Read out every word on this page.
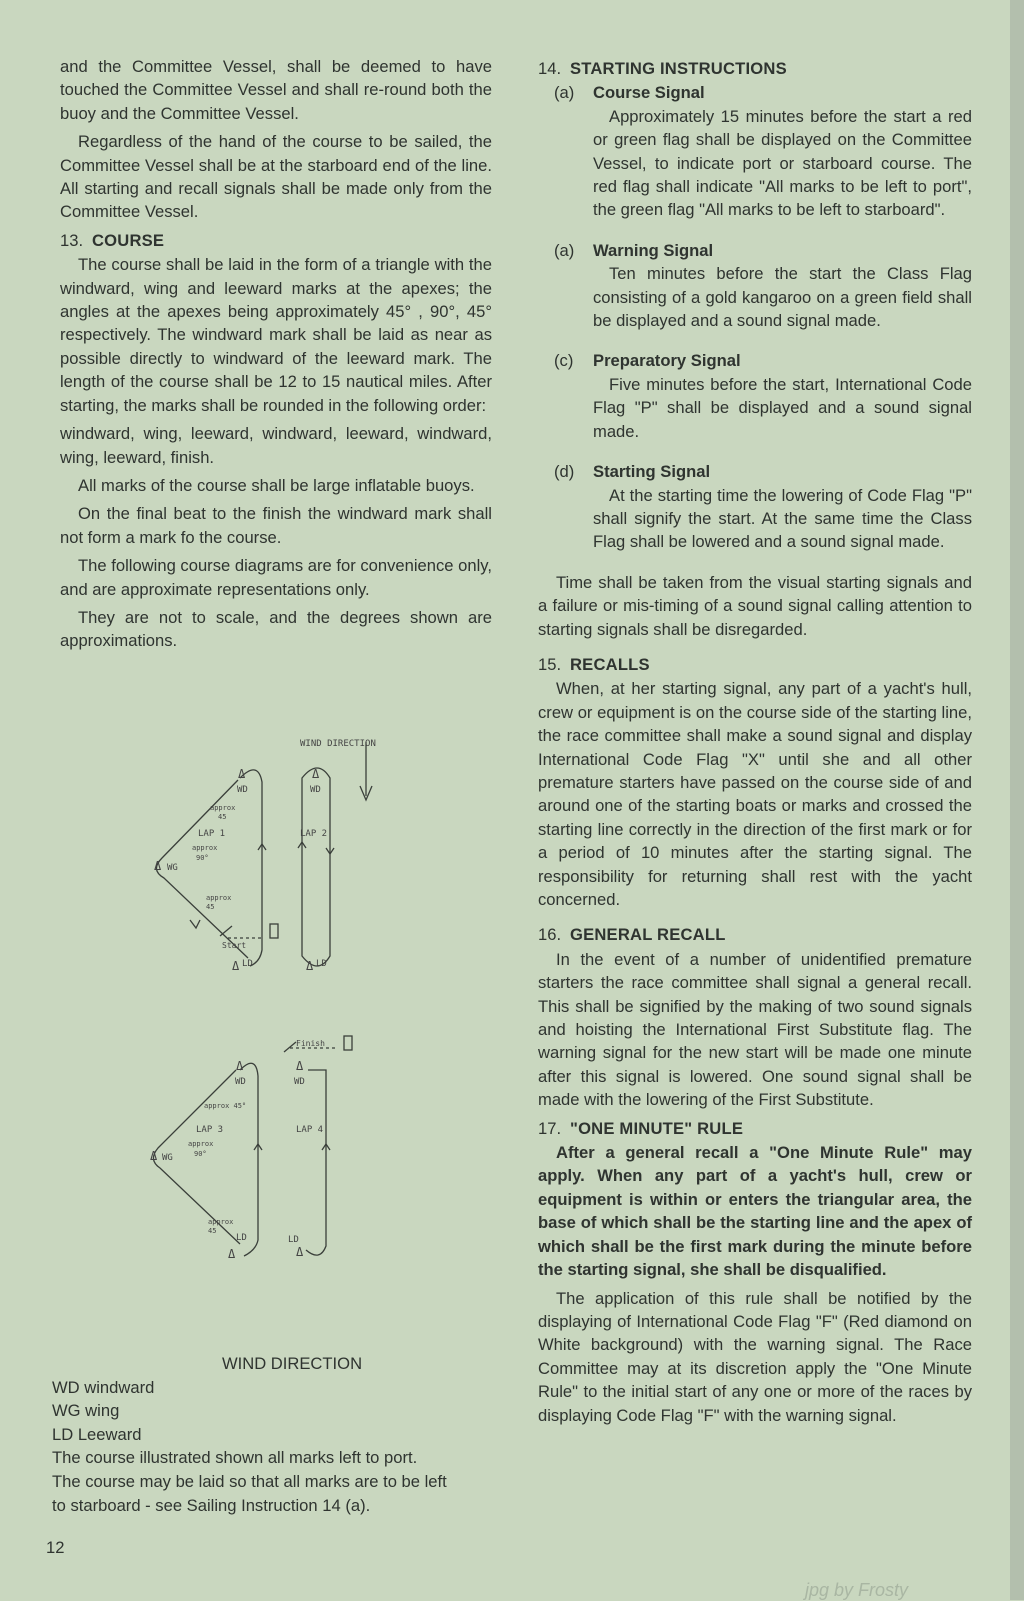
and the Committee Vessel, shall be deemed to have touched the Committee Vessel and shall re-round both the buoy and the Committee Vessel.

Regardless of the hand of the course to be sailed, the Committee Vessel shall be at the starboard end of the line. All starting and recall signals shall be made only from the Committee Vessel.

13. COURSE

The course shall be laid in the form of a triangle with the windward, wing and leeward marks at the apexes; the angles at the apexes being approximately 45° , 90°, 45° respectively. The windward mark shall be laid as near as possible directly to windward of the leeward mark. The length of the course shall be 12 to 15 nautical miles. After starting, the marks shall be rounded in the following order:

windward, wing, leeward, windward, leeward, windward, wing, leeward, finish.

All marks of the course shall be large inflatable buoys.

On the final beat to the finish the windward mark shall not form a mark fo the course.

The following course diagrams are for convenience only, and are approximate representations only.

They are not to scale, and the degrees shown are approximations.

WIND DIRECTION
Δ
WD
Δ
WD
approx
45
LAP 1	LAP 2
approx
90°
Δ WG
approx
45
Start
Δ LD	Δ LD
Finish
Δ
WD
Δ
WD
approx 45°
LAP 3	LAP 4
approx
90°
Δ WG
approx
45
Δ
LD	LD
Δ
WIND DIRECTION
WD windward
WG wing
LD Leeward
The course illustrated shown all marks left to port.
The course may be laid so that all marks are to be left
to starboard - see Sailing Instruction 14 (a).
12
14. STARTING INSTRUCTIONS
(a) Course Signal
Approximately 15 minutes before the start a red or green flag shall be displayed on the Committee Vessel, to indicate port or starboard course. The red flag shall indicate "All marks to be left to port", the green flag "All marks to be left to starboard".
(a) Warning Signal
Ten minutes before the start the Class Flag consisting of a gold kangaroo on a green field shall be displayed and a sound signal made.
(c) Preparatory Signal
Five minutes before the start, International Code Flag "P" shall be displayed and a sound signal made.
(d) Starting Signal
At the starting time the lowering of Code Flag "P" shall signify the start. At the same time the Class Flag shall be lowered and a sound signal made.

Time shall be taken from the visual starting signals and a failure or mis-timing of a sound signal calling attention to starting signals shall be disregarded.

15. RECALLS

When, at her starting signal, any part of a yacht's hull, crew or equipment is on the course side of the starting line, the race committee shall make a sound signal and display International Code Flag "X" until she and all other premature starters have passed on the course side of and around one of the starting boats or marks and crossed the starting line correctly in the direction of the first mark or for a period of 10 minutes after the starting signal. The responsibility for returning shall rest with the yacht concerned.

16. GENERAL RECALL

In the event of a number of unidentified premature starters the race committee shall signal a general recall. This shall be signified by the making of two sound signals and hoisting the International First Substitute flag. The warning signal for the new start will be made one minute after this signal is lowered. One sound signal shall be made with the lowering of the First Substitute.

17. "ONE MINUTE" RULE

After a general recall a "One Minute Rule" may apply. When any part of a yacht's hull, crew or equipment is within or enters the triangular area, the base of which shall be the starting line and the apex of which shall be the first mark during the minute before the starting signal, she shall be disqualified.

The application of this rule shall be notified by the displaying of International Code Flag "F" (Red diamond on White background) with the warning signal. The Race Committee may at its discretion apply the "One Minute Rule" to the initial start of any one or more of the races by displaying Code Flag "F" with the warning signal.

jpg by Frosty
